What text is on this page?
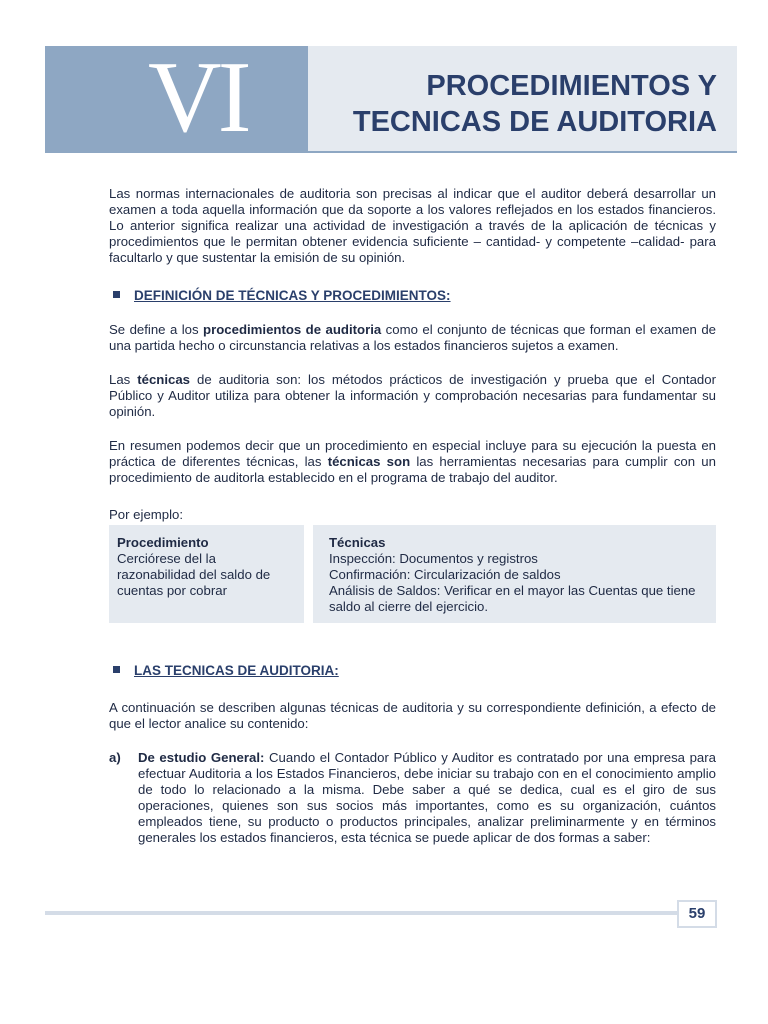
VI	PROCEDIMIENTOS Y
TECNICAS DE AUDITORIA
Las normas internacionales de auditoria son precisas al indicar que el auditor deberá desarrollar un examen a toda aquella información que da soporte a los valores reflejados en los estados financieros. Lo anterior significa realizar una actividad de investigación a través de la aplicación de técnicas y procedimientos que le permitan obtener evidencia suficiente – cantidad- y competente –calidad- para facultarlo y que sustentar la emisión de su opinión.
DEFINICIÓN DE TÉCNICAS Y PROCEDIMIENTOS:
Se define a los procedimientos de auditoria como el conjunto de técnicas que forman el examen de una partida hecho o circunstancia relativas a los estados financieros sujetos a examen.
Las técnicas de auditoria son: los métodos prácticos de investigación y prueba que el Contador Público y Auditor utiliza para obtener la información y comprobación necesarias para fundamentar su opinión.
En resumen podemos decir que un procedimiento en especial incluye para su ejecución la puesta en práctica de diferentes técnicas, las técnicas son las herramientas necesarias para cumplir con un procedimiento de auditorla establecido en el programa de trabajo del auditor.
Por ejemplo:
Procedimiento
Cerciórese del la razonabilidad del saldo de cuentas por cobrar
Técnicas
Inspección: Documentos y registros
Confirmación: Circularización de saldos
Análisis de Saldos: Verificar en el mayor las Cuentas que tiene saldo al cierre del ejercicio.
LAS TECNICAS DE AUDITORIA:
A continuación se describen algunas técnicas de auditoria y su correspondiente definición, a efecto de que el lector analice su contenido:
a) De estudio General: Cuando el Contador Público y Auditor es contratado por una empresa para efectuar Auditoria a los Estados Financieros, debe iniciar su trabajo con en el conocimiento amplio de todo lo relacionado a la misma. Debe saber a qué se dedica, cual es el giro de sus operaciones, quienes son sus socios más importantes, como es su organización, cuántos empleados tiene, su producto o productos principales, analizar preliminarmente y en términos generales los estados financieros, esta técnica se puede aplicar de dos formas a saber:
59
